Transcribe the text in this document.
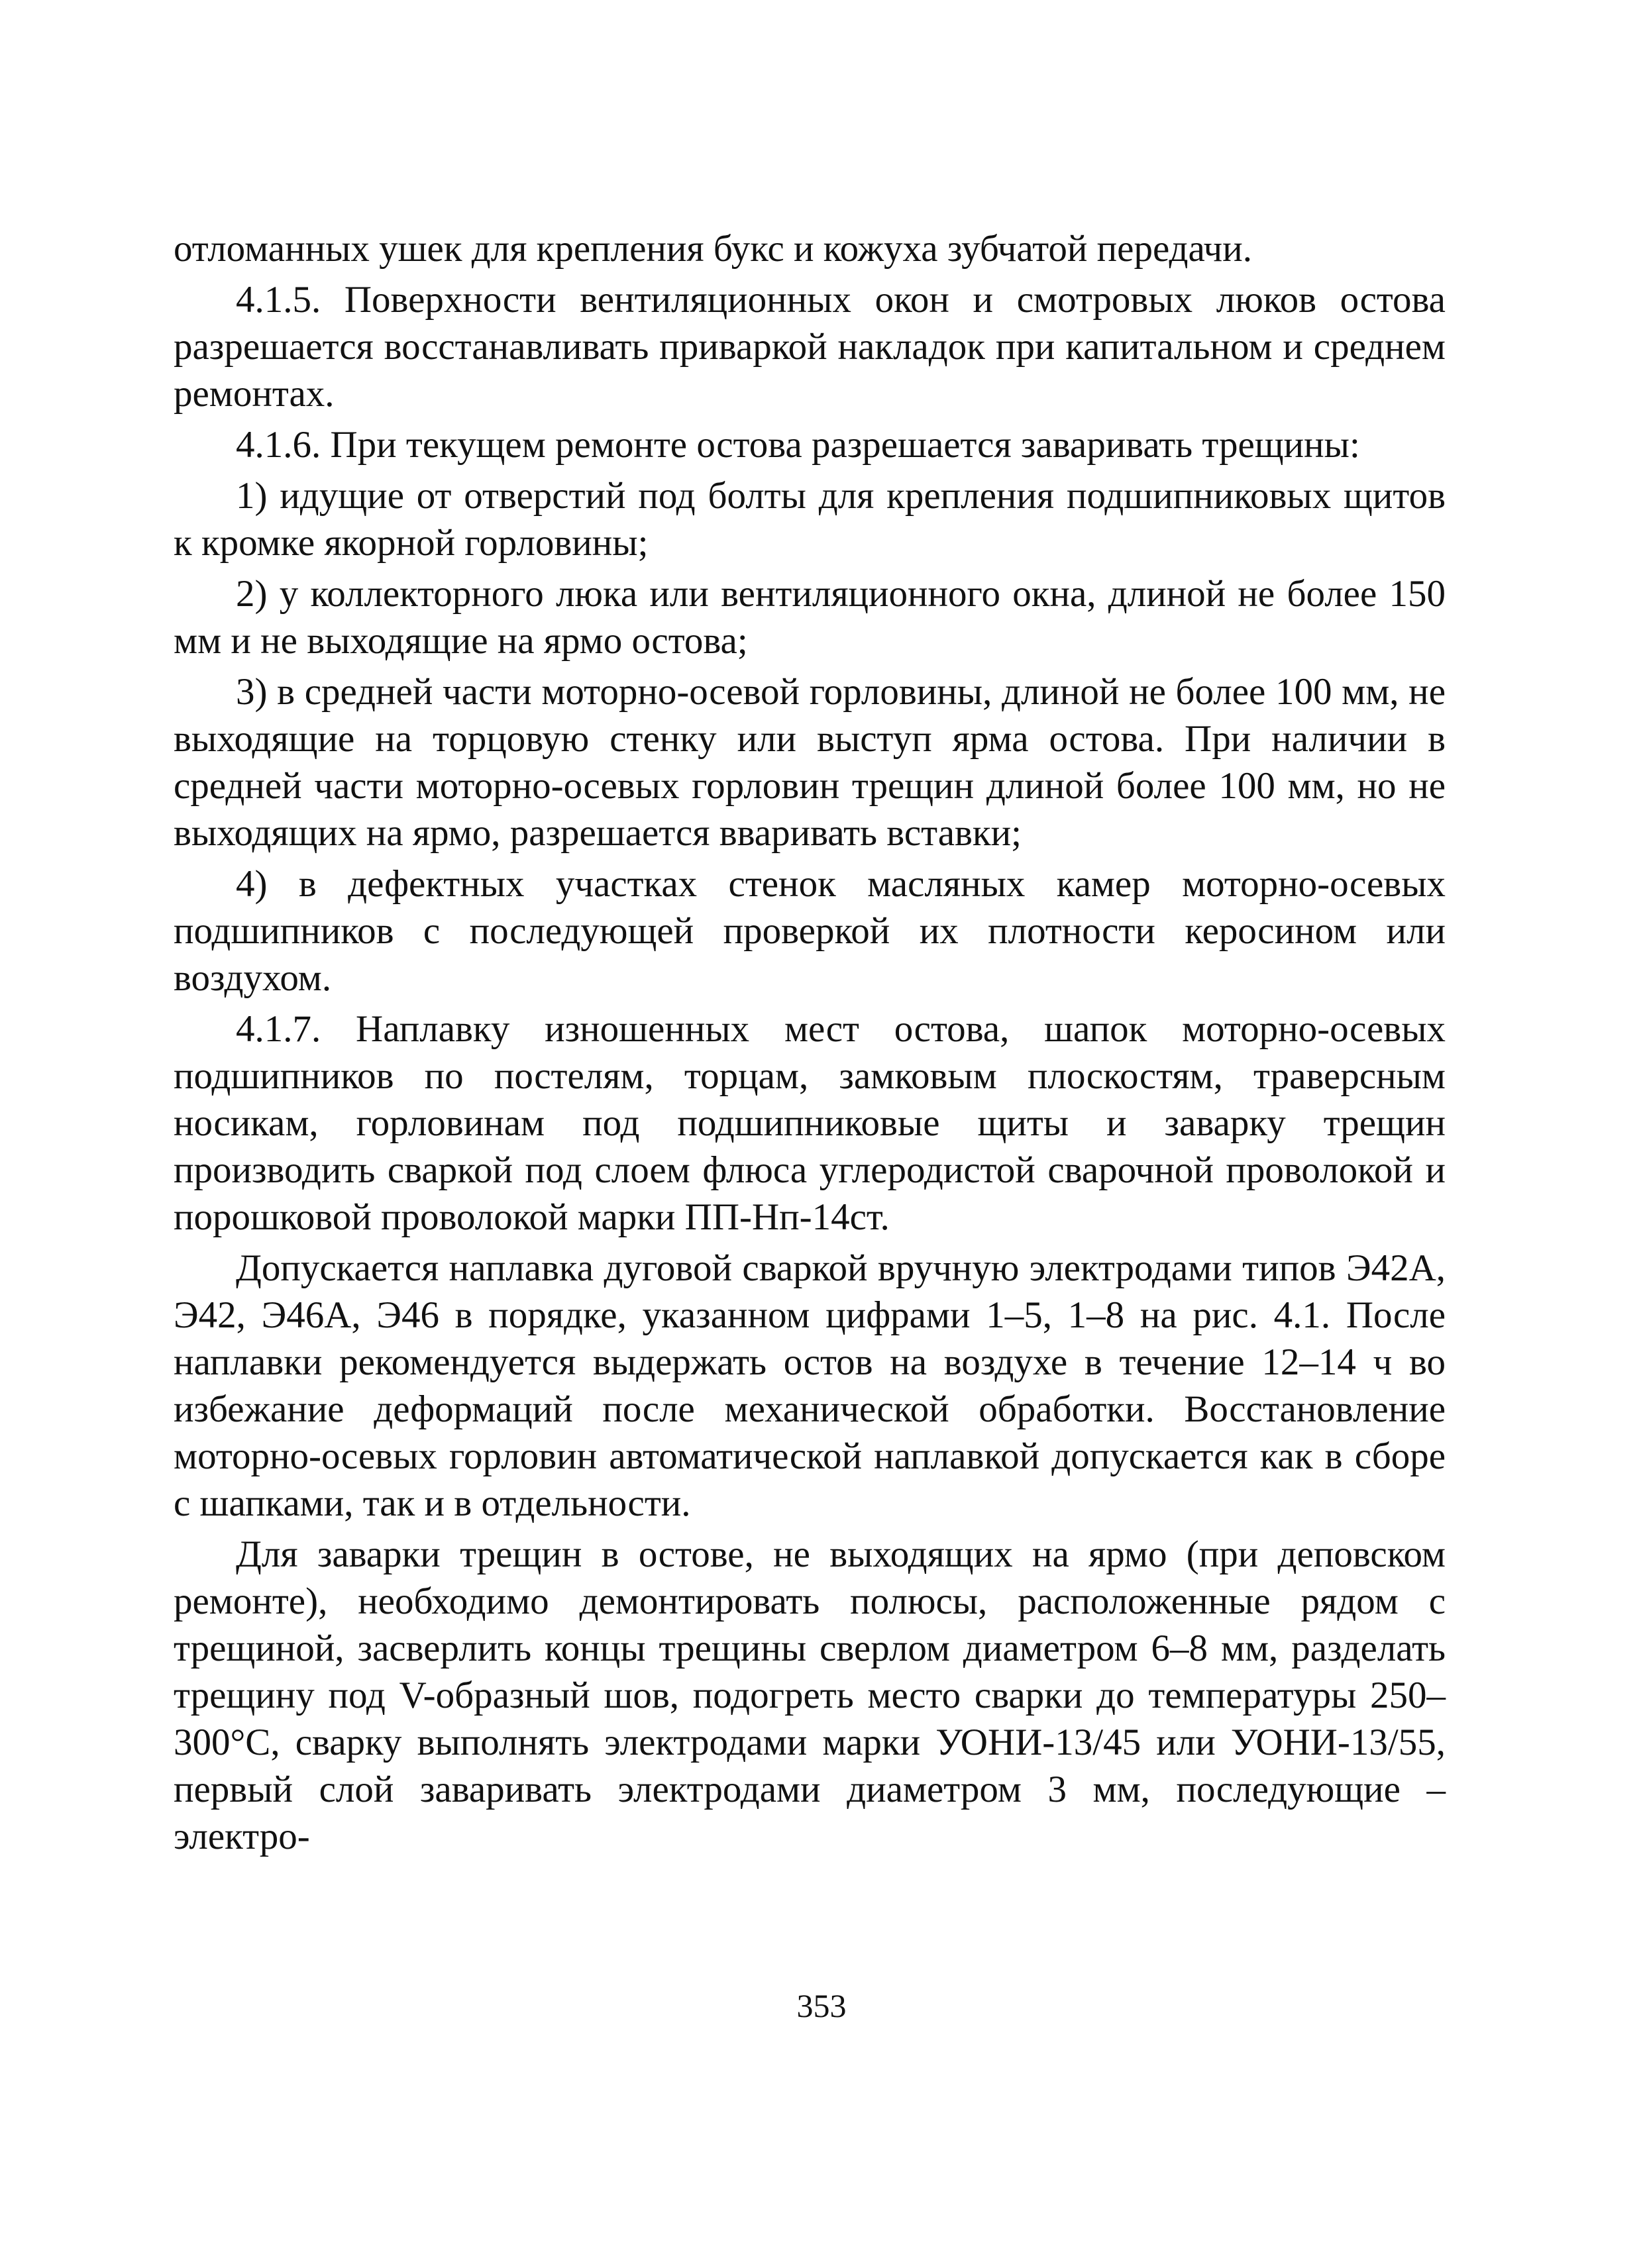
отломанных ушек для крепления букс и кожуха зубчатой передачи.

4.1.5. Поверхности вентиляционных окон и смотровых люков остова разрешается восстанавливать приваркой накладок при капитальном и среднем ремонтах.

4.1.6. При текущем ремонте остова разрешается заваривать трещины:

1) идущие от отверстий под болты для крепления подшипниковых щитов к кромке якорной горловины;

2) у коллекторного люка или вентиляционного окна, длиной не более 150 мм и не выходящие на ярмо остова;

3) в средней части моторно-осевой горловины, длиной не более 100 мм, не выходящие на торцовую стенку или выступ ярма остова. При наличии в средней части моторно-осевых горловин трещин длиной более 100 мм, но не выходящих на ярмо, разрешается вваривать вставки;

4) в дефектных участках стенок масляных камер моторно-осевых подшипников с последующей проверкой их плотности керосином или воздухом.

4.1.7. Наплавку изношенных мест остова, шапок моторно-осевых подшипников по постелям, торцам, замковым плоскостям, траверсным носикам, горловинам под подшипниковые щиты и заварку трещин производить сваркой под слоем флюса углеродистой сварочной проволокой и порошковой проволокой марки ПП-Нп-14ст.

Допускается наплавка дуговой сваркой вручную электродами типов Э42А, Э42, Э46А, Э46 в порядке, указанном цифрами 1–5, 1–8 на рис. 4.1. После наплавки рекомендуется выдержать остов на воздухе в течение 12–14 ч во избежание деформаций после механической обработки. Восстановление моторно-осевых горловин автоматической наплавкой допускается как в сборе с шапками, так и в отдельности.

Для заварки трещин в остове, не выходящих на ярмо (при деповском ремонте), необходимо демонтировать полюсы, расположенные рядом с трещиной, засверлить концы трещины сверлом диаметром 6–8 мм, разделать трещину под V-образный шов, подогреть место сварки до температуры 250–300°С, сварку выполнять электродами марки УОНИ-13/45 или УОНИ-13/55, первый слой заваривать электродами диаметром 3 мм, последующие – электро-

353
